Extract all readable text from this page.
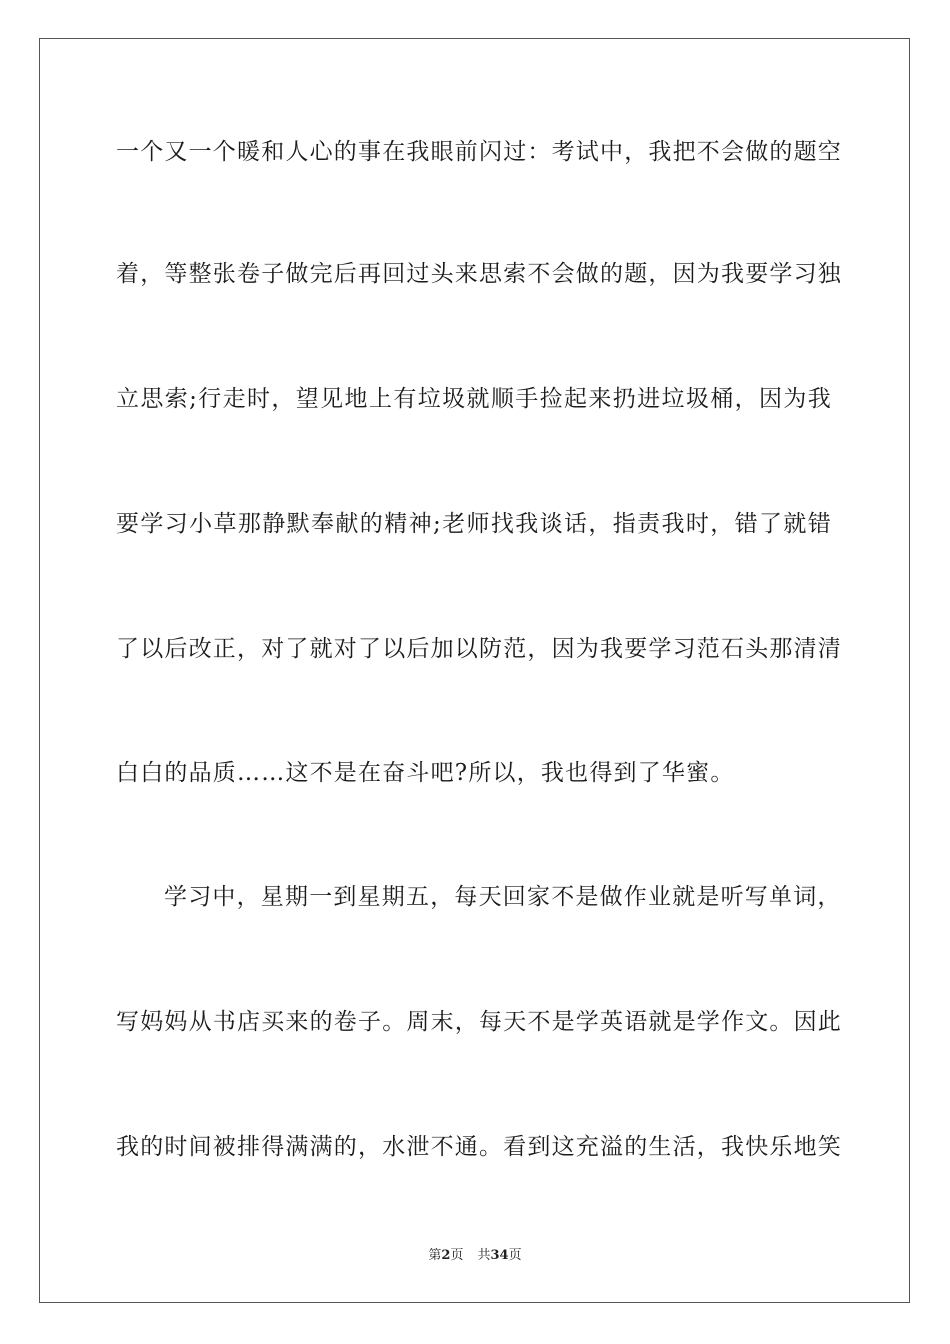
一个又一个暖和人心的事在我眼前闪过：考试中，我把不会做的题空
着，等整张卷子做完后再回过头来思索不会做的题，因为我要学习独
立思索;行走时，望见地上有垃圾就顺手捡起来扔进垃圾桶，因为我
要学习小草那静默奉献的精神;老师找我谈话，指责我时，错了就错
了以后改正，对了就对了以后加以防范，因为我要学习范石头那清清
白白的品质……这不是在奋斗吧?所以，我也得到了华蜜。
学习中，星期一到星期五，每天回家不是做作业就是听写单词，
写妈妈从书店买来的卷子。周末，每天不是学英语就是学作文。因此
我的时间被排得满满的，水泄不通。看到这充溢的生活，我快乐地笑
第2页 共34页
